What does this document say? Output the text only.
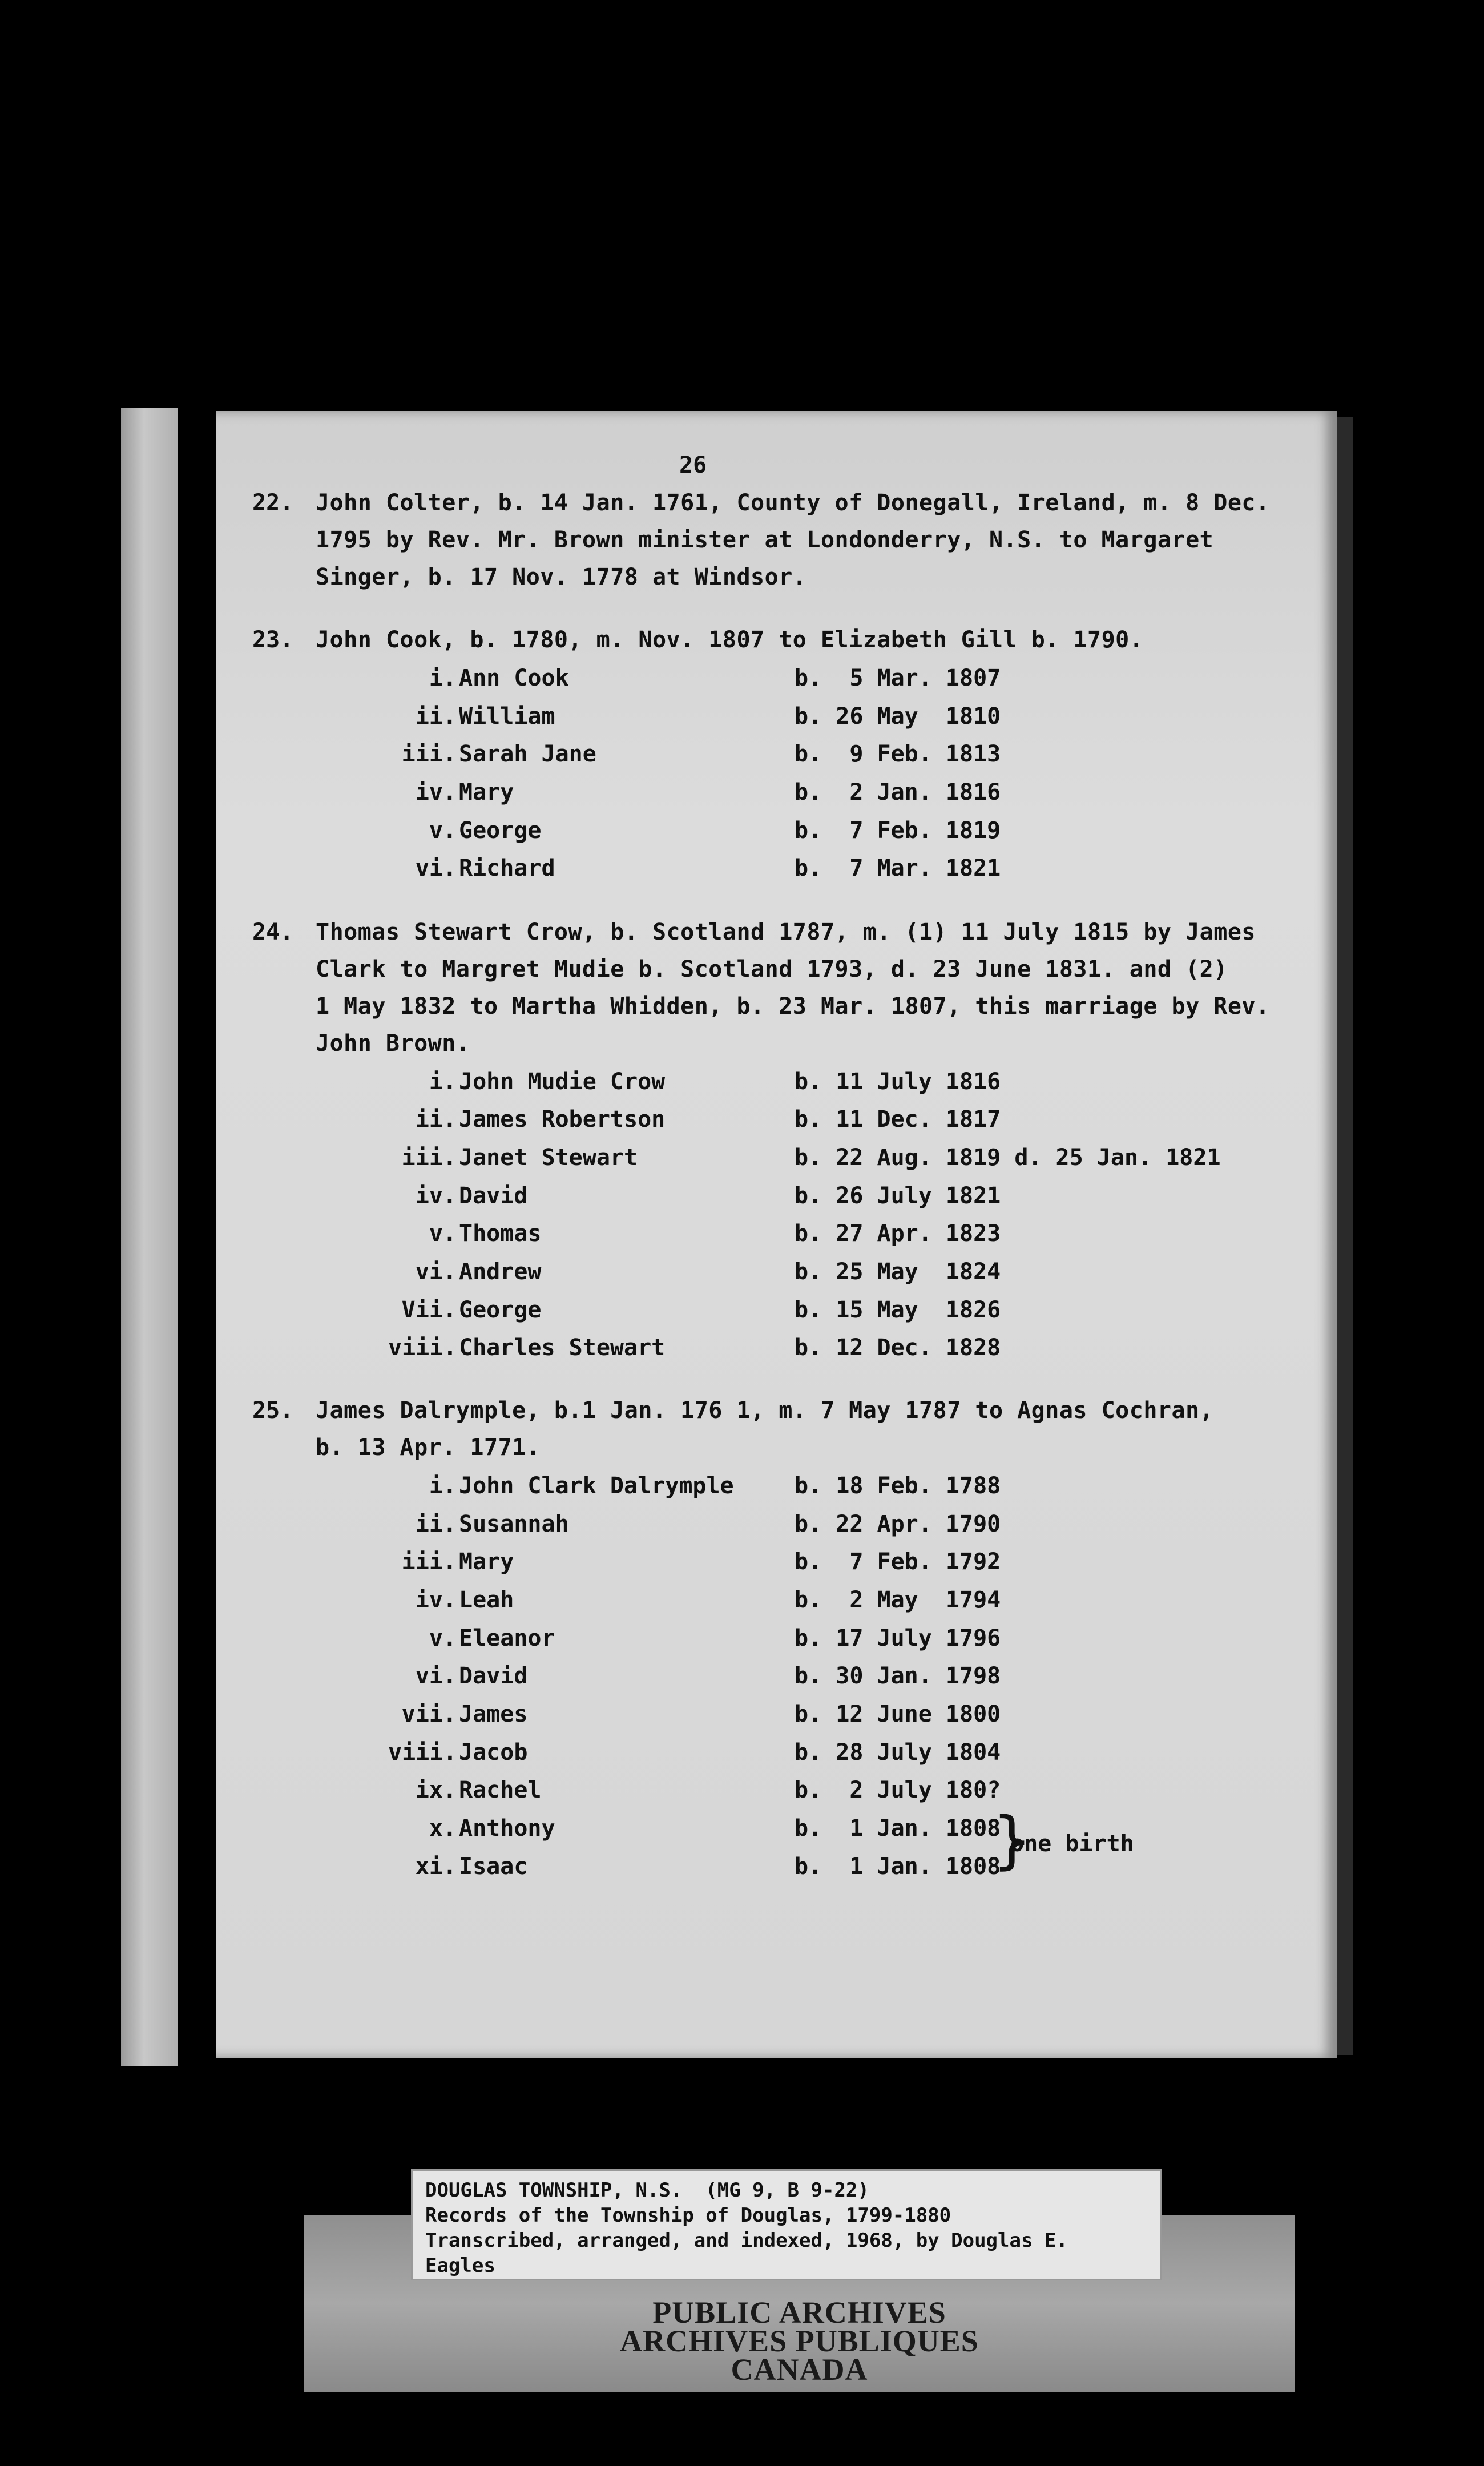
26
22. John Colter, b. 14 Jan. 1761, County of Donegall, Ireland, m. 8 Dec.
1795 by Rev. Mr. Brown minister at Londonderry, N.S. to Margaret
Singer, b. 17 Nov. 1778 at Windsor.
23. John Cook, b. 1780, m. Nov. 1807 to Elizabeth Gill b. 1790.
i. Ann Cook	b.  5 Mar. 1807
ii. William	b. 26 May  1810
iii. Sarah Jane	b.  9 Feb. 1813
iv. Mary	b.  2 Jan. 1816
v. George	b.  7 Feb. 1819
vi. Richard	b.  7 Mar. 1821
24. Thomas Stewart Crow, b. Scotland 1787, m. (1) 11 July 1815 by James
Clark to Margret Mudie b. Scotland 1793, d. 23 June 1831. and (2)
1 May 1832 to Martha Whidden, b. 23 Mar. 1807, this marriage by Rev.
John Brown.
i. John Mudie Crow	b. 11 July 1816
ii. James Robertson	b. 11 Dec. 1817
iii. Janet Stewart	b. 22 Aug. 1819 d. 25 Jan. 1821
iv. David	b. 26 July 1821
v. Thomas	b. 27 Apr. 1823
vi. Andrew	b. 25 May  1824
Vii. George	b. 15 May  1826
viii. Charles Stewart	b. 12 Dec. 1828
25. James Dalrymple, b.1 Jan. 176 1, m. 7 May 1787 to Agnas Cochran,
b. 13 Apr. 1771.
i. John Clark Dalrymple	b. 18 Feb. 1788
ii. Susannah	b. 22 Apr. 1790
iii. Mary	b.  7 Feb. 1792
iv. Leah	b.  2 May  1794
v. Eleanor	b. 17 July 1796
vi. David	b. 30 Jan. 1798
vii. James	b. 12 June 1800
viii. Jacob	b. 28 July 1804
ix. Rachel	b.  2 July 180?
x. Anthony	b.  1 Jan. 1808
xi. Isaac	b.  1 Jan. 1808
}
one birth
PUBLIC ARCHIVES
ARCHIVES PUBLIQUES
CANADA
DOUGLAS TOWNSHIP, N.S.  (MG 9, B 9-22)
Records of the Township of Douglas, 1799-1880
Transcribed, arranged, and indexed, 1968, by Douglas E.
Eagles
